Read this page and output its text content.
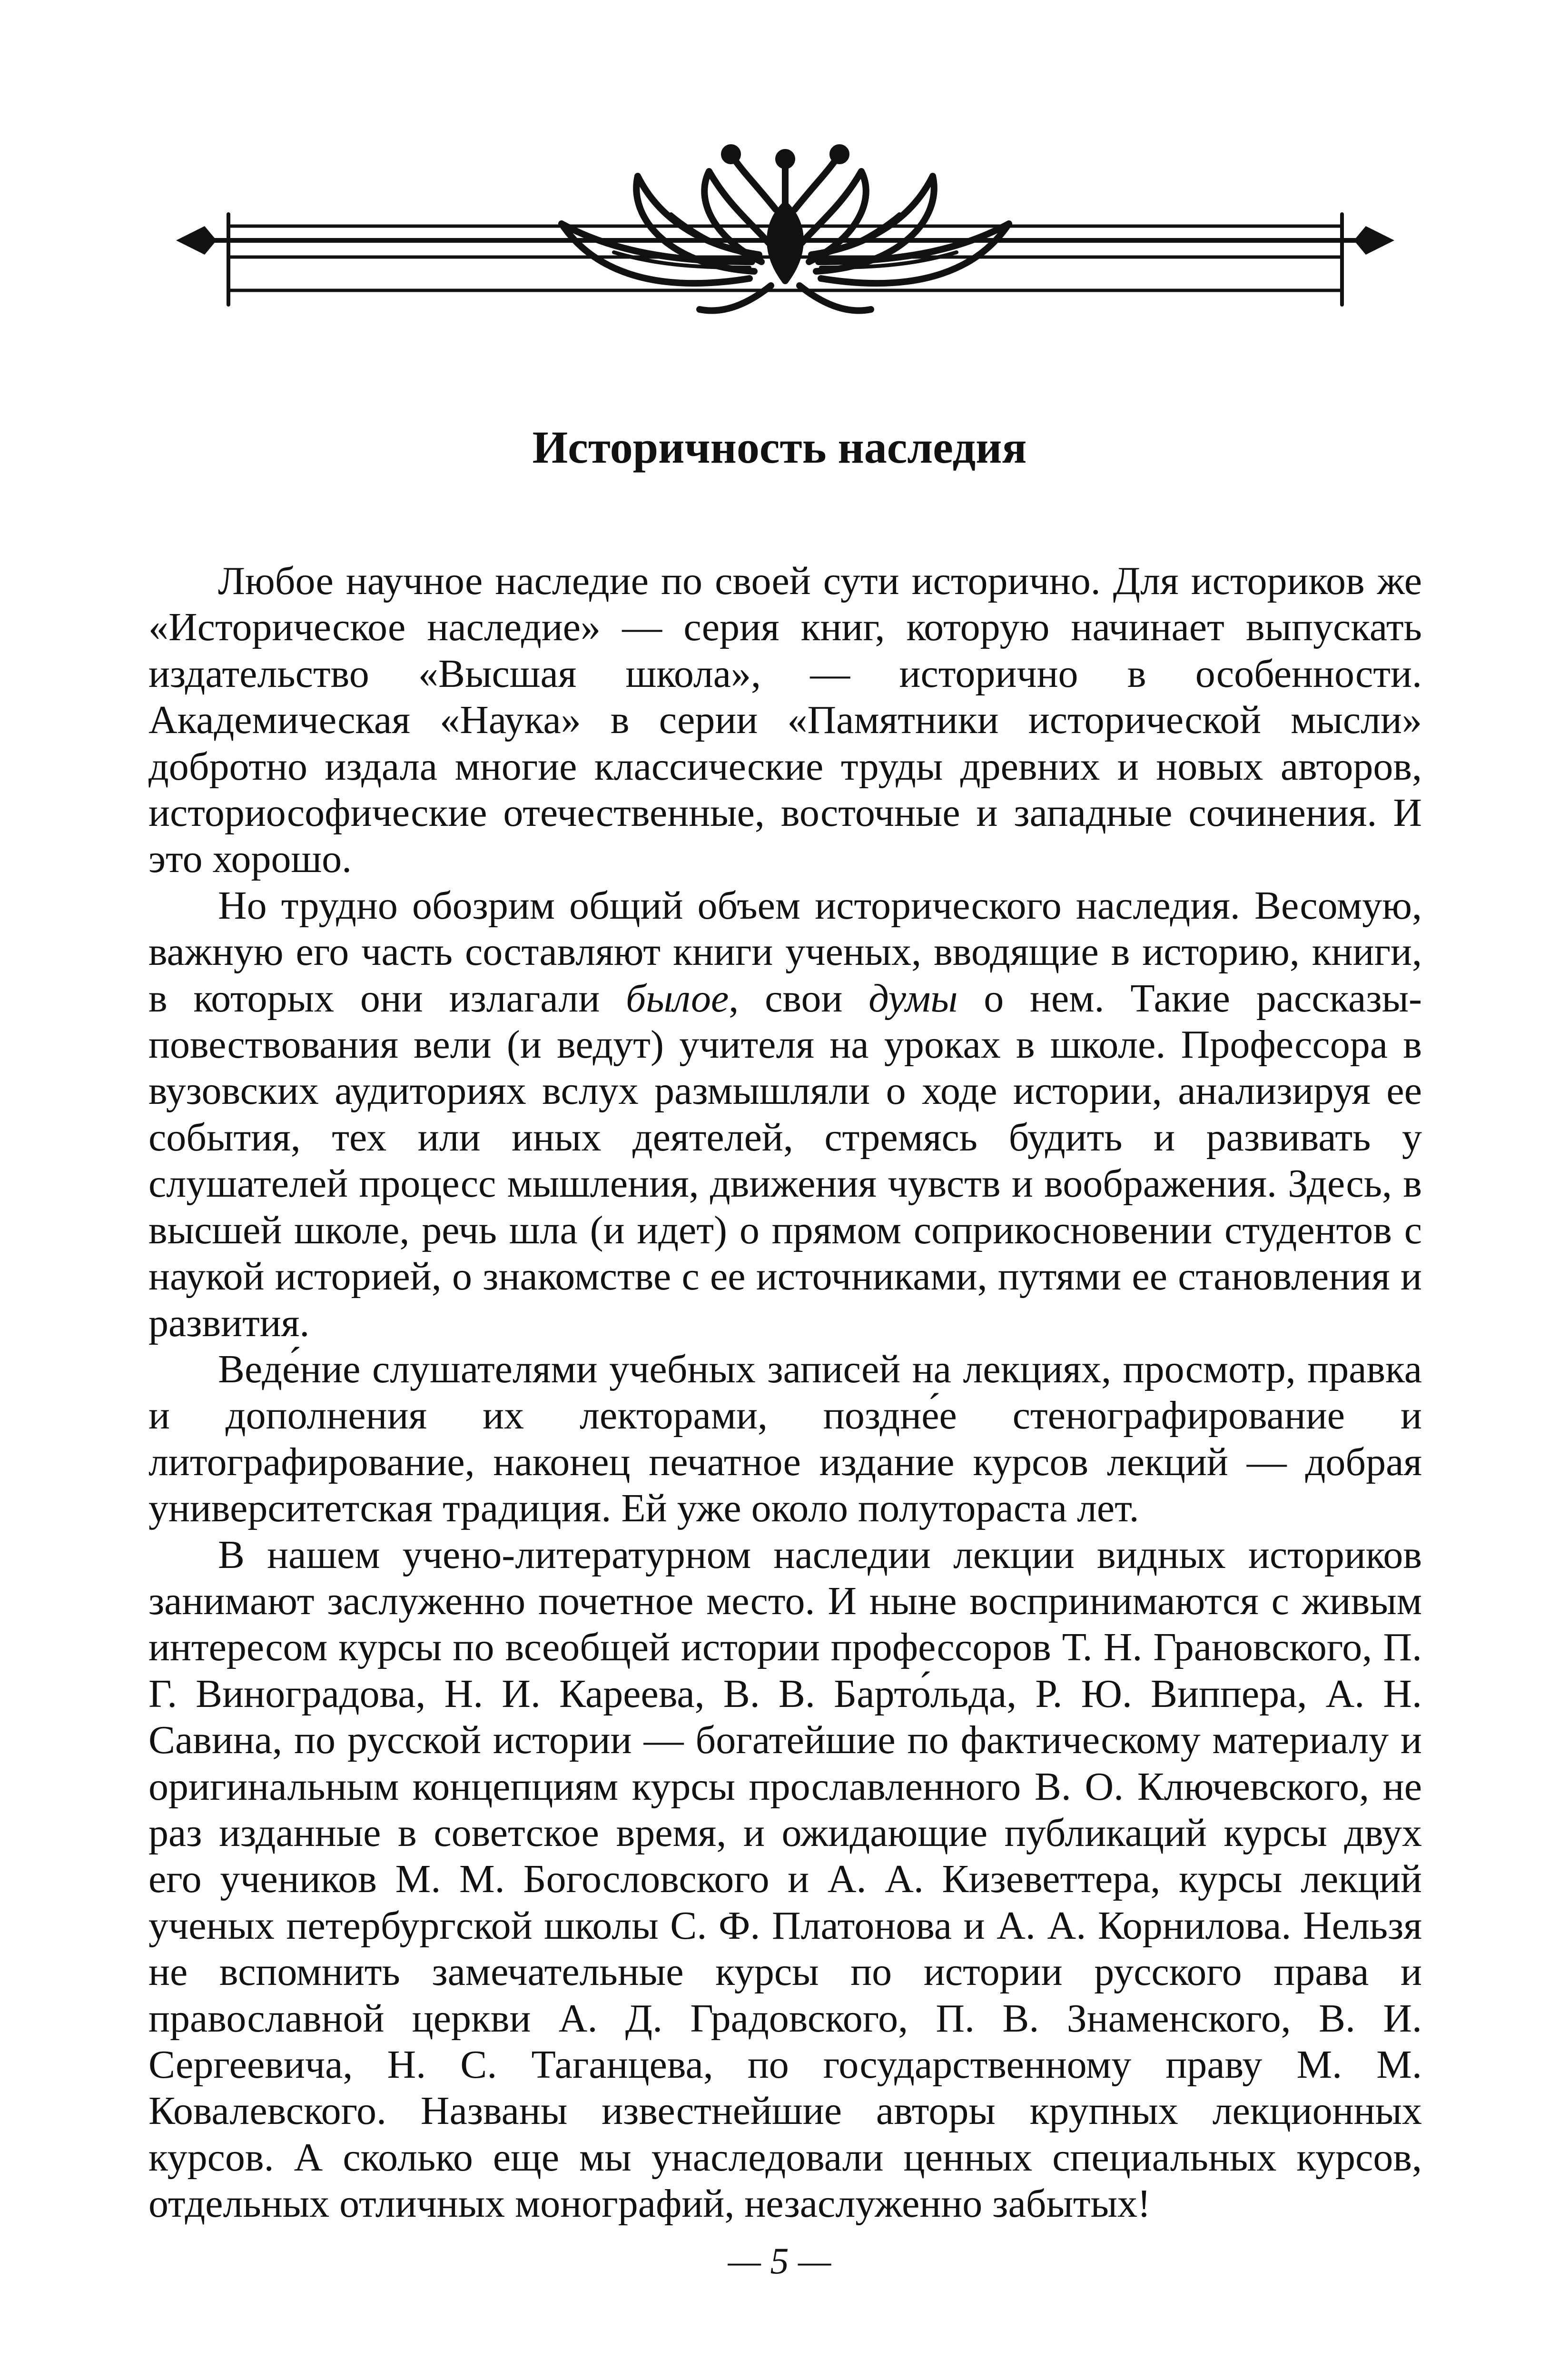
Историчность наследия

Любое научное наследие по своей сути исторично. Для историков же «Историческое наследие» — серия книг, которую начинает выпускать издательство «Высшая школа», — исторично в особенности. Академическая «Наука» в серии «Памятники исторической мысли» добротно издала многие классические труды древних и новых авторов, историософические отечественные, восточные и западные сочинения. И это хорошо.

Но трудно обозрим общий объем исторического наследия. Весомую, важную его часть составляют книги ученых, вводящие в историю, книги, в которых они излагали былое, свои думы о нем. Такие рассказы-повествования вели (и ведут) учителя на уроках в школе. Профессора в вузовских аудиториях вслух размышляли о ходе истории, анализируя ее события, тех или иных деятелей, стремясь будить и развивать у слушателей процесс мышления, движения чувств и воображения. Здесь, в высшей школе, речь шла (и идет) о прямом соприкосновении студентов с наукой историей, о знакомстве с ее источниками, путями ее становления и развития.

Веде́ние слушателями учебных записей на лекциях, просмотр, правка и дополнения их лекторами, поздне́е стенографирование и литографирование, наконец печатное издание курсов лекций — добрая университетская традиция. Ей уже около полутораста лет.

В нашем учено-литературном наследии лекции видных историков занимают заслуженно почетное место. И ныне воспринимаются с живым интересом курсы по всеобщей истории профессоров Т. Н. Грановского, П. Г. Виноградова, Н. И. Кареева, В. В. Барто́льда, Р. Ю. Виппера, А. Н. Савина, по русской истории — богатейшие по фактическому материалу и оригинальным концепциям курсы прославленного В. О. Ключевского, не раз изданные в советское время, и ожидающие публикаций курсы двух его учеников М. М. Богословского и А. А. Кизеветтера, курсы лекций ученых петербургской школы С. Ф. Платонова и А. А. Корнилова. Нельзя не вспомнить замечательные курсы по истории русского права и православной церкви А. Д. Градовского, П. В. Знаменского, В. И. Сергеевича, Н. С. Таганцева, по государственному праву М. М. Ковалевского. Названы известнейшие авторы крупных лекционных курсов. А сколько еще мы унаследовали ценных специальных курсов, отдельных отличных монографий, незаслуженно забытых!

— 5 —
